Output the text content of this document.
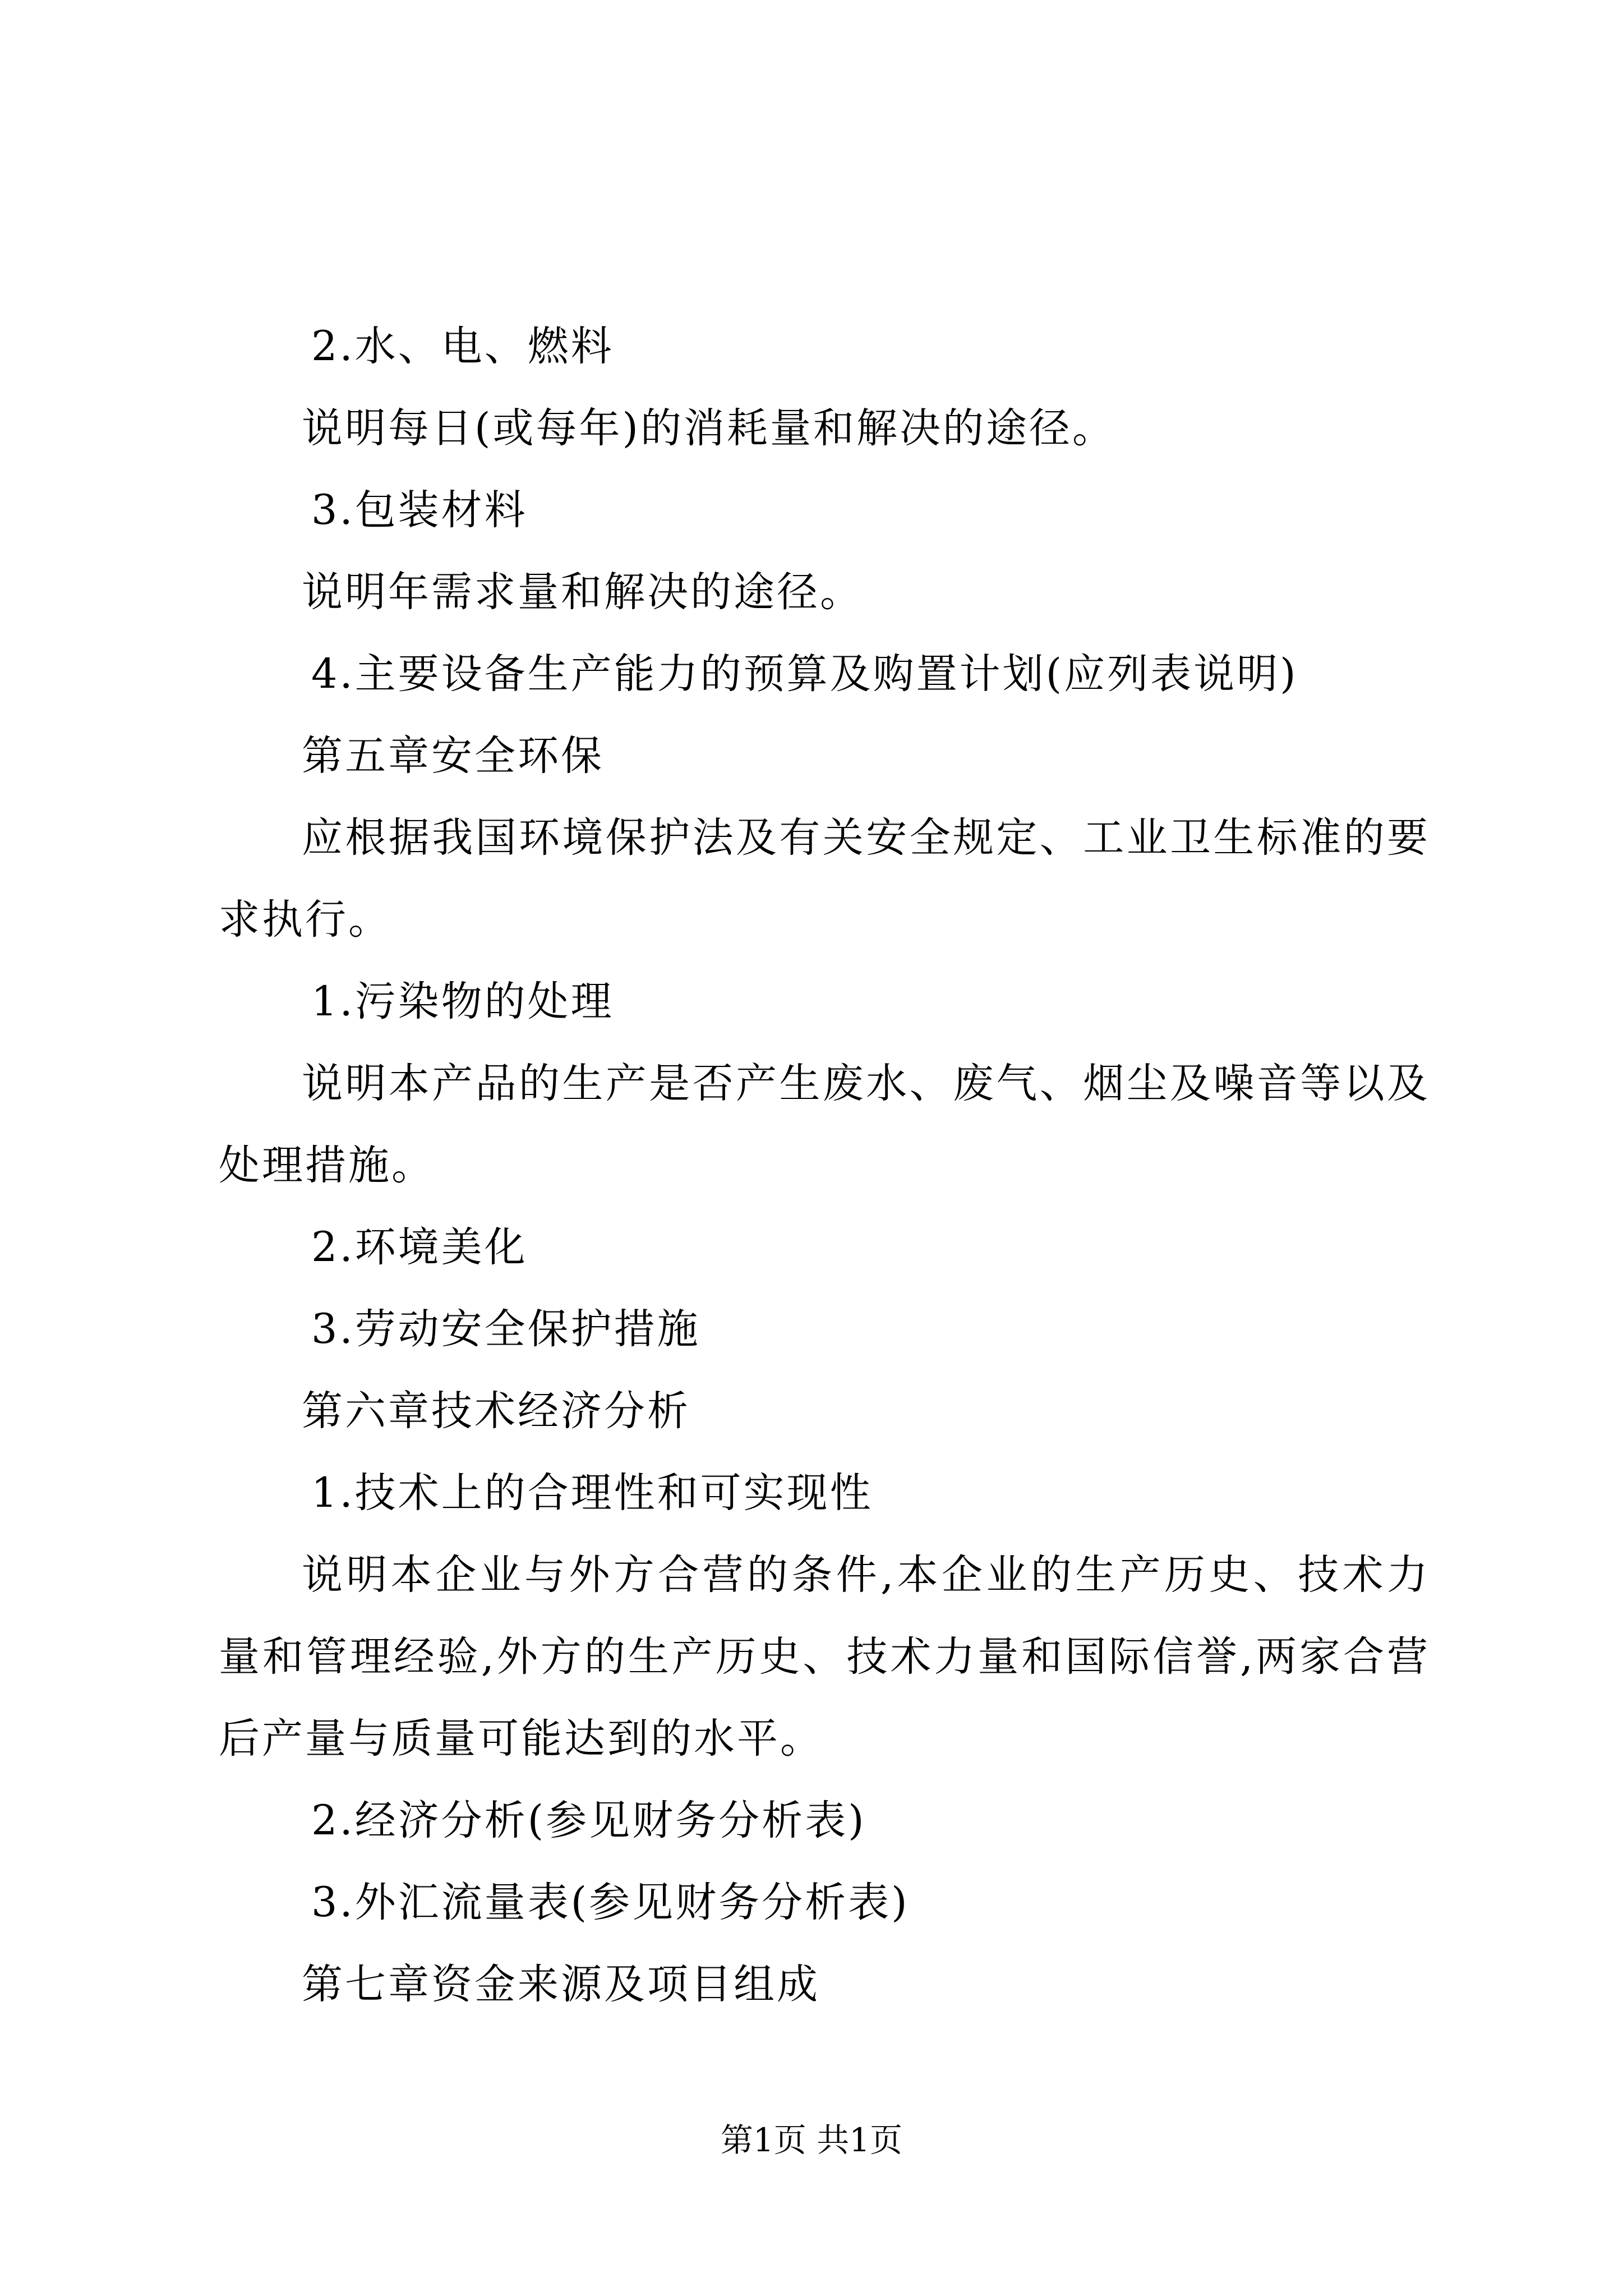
2.水、电、燃料

说明每日(或每年)的消耗量和解决的途径。

3.包装材料

说明年需求量和解决的途径。

4.主要设备生产能力的预算及购置计划(应列表说明)

第五章安全环保

应根据我国环境保护法及有关安全规定、工业卫生标准的要求执行。

1.污染物的处理

说明本产品的生产是否产生废水、废气、烟尘及噪音等以及处理措施。

2.环境美化

3.劳动安全保护措施

第六章技术经济分析

1.技术上的合理性和可实现性

说明本企业与外方合营的条件,本企业的生产历史、技术力量和管理经验,外方的生产历史、技术力量和国际信誉,两家合营后产量与质量可能达到的水平。

2.经济分析(参见财务分析表)

3.外汇流量表(参见财务分析表)

第七章资金来源及项目组成

第1页 共1页
